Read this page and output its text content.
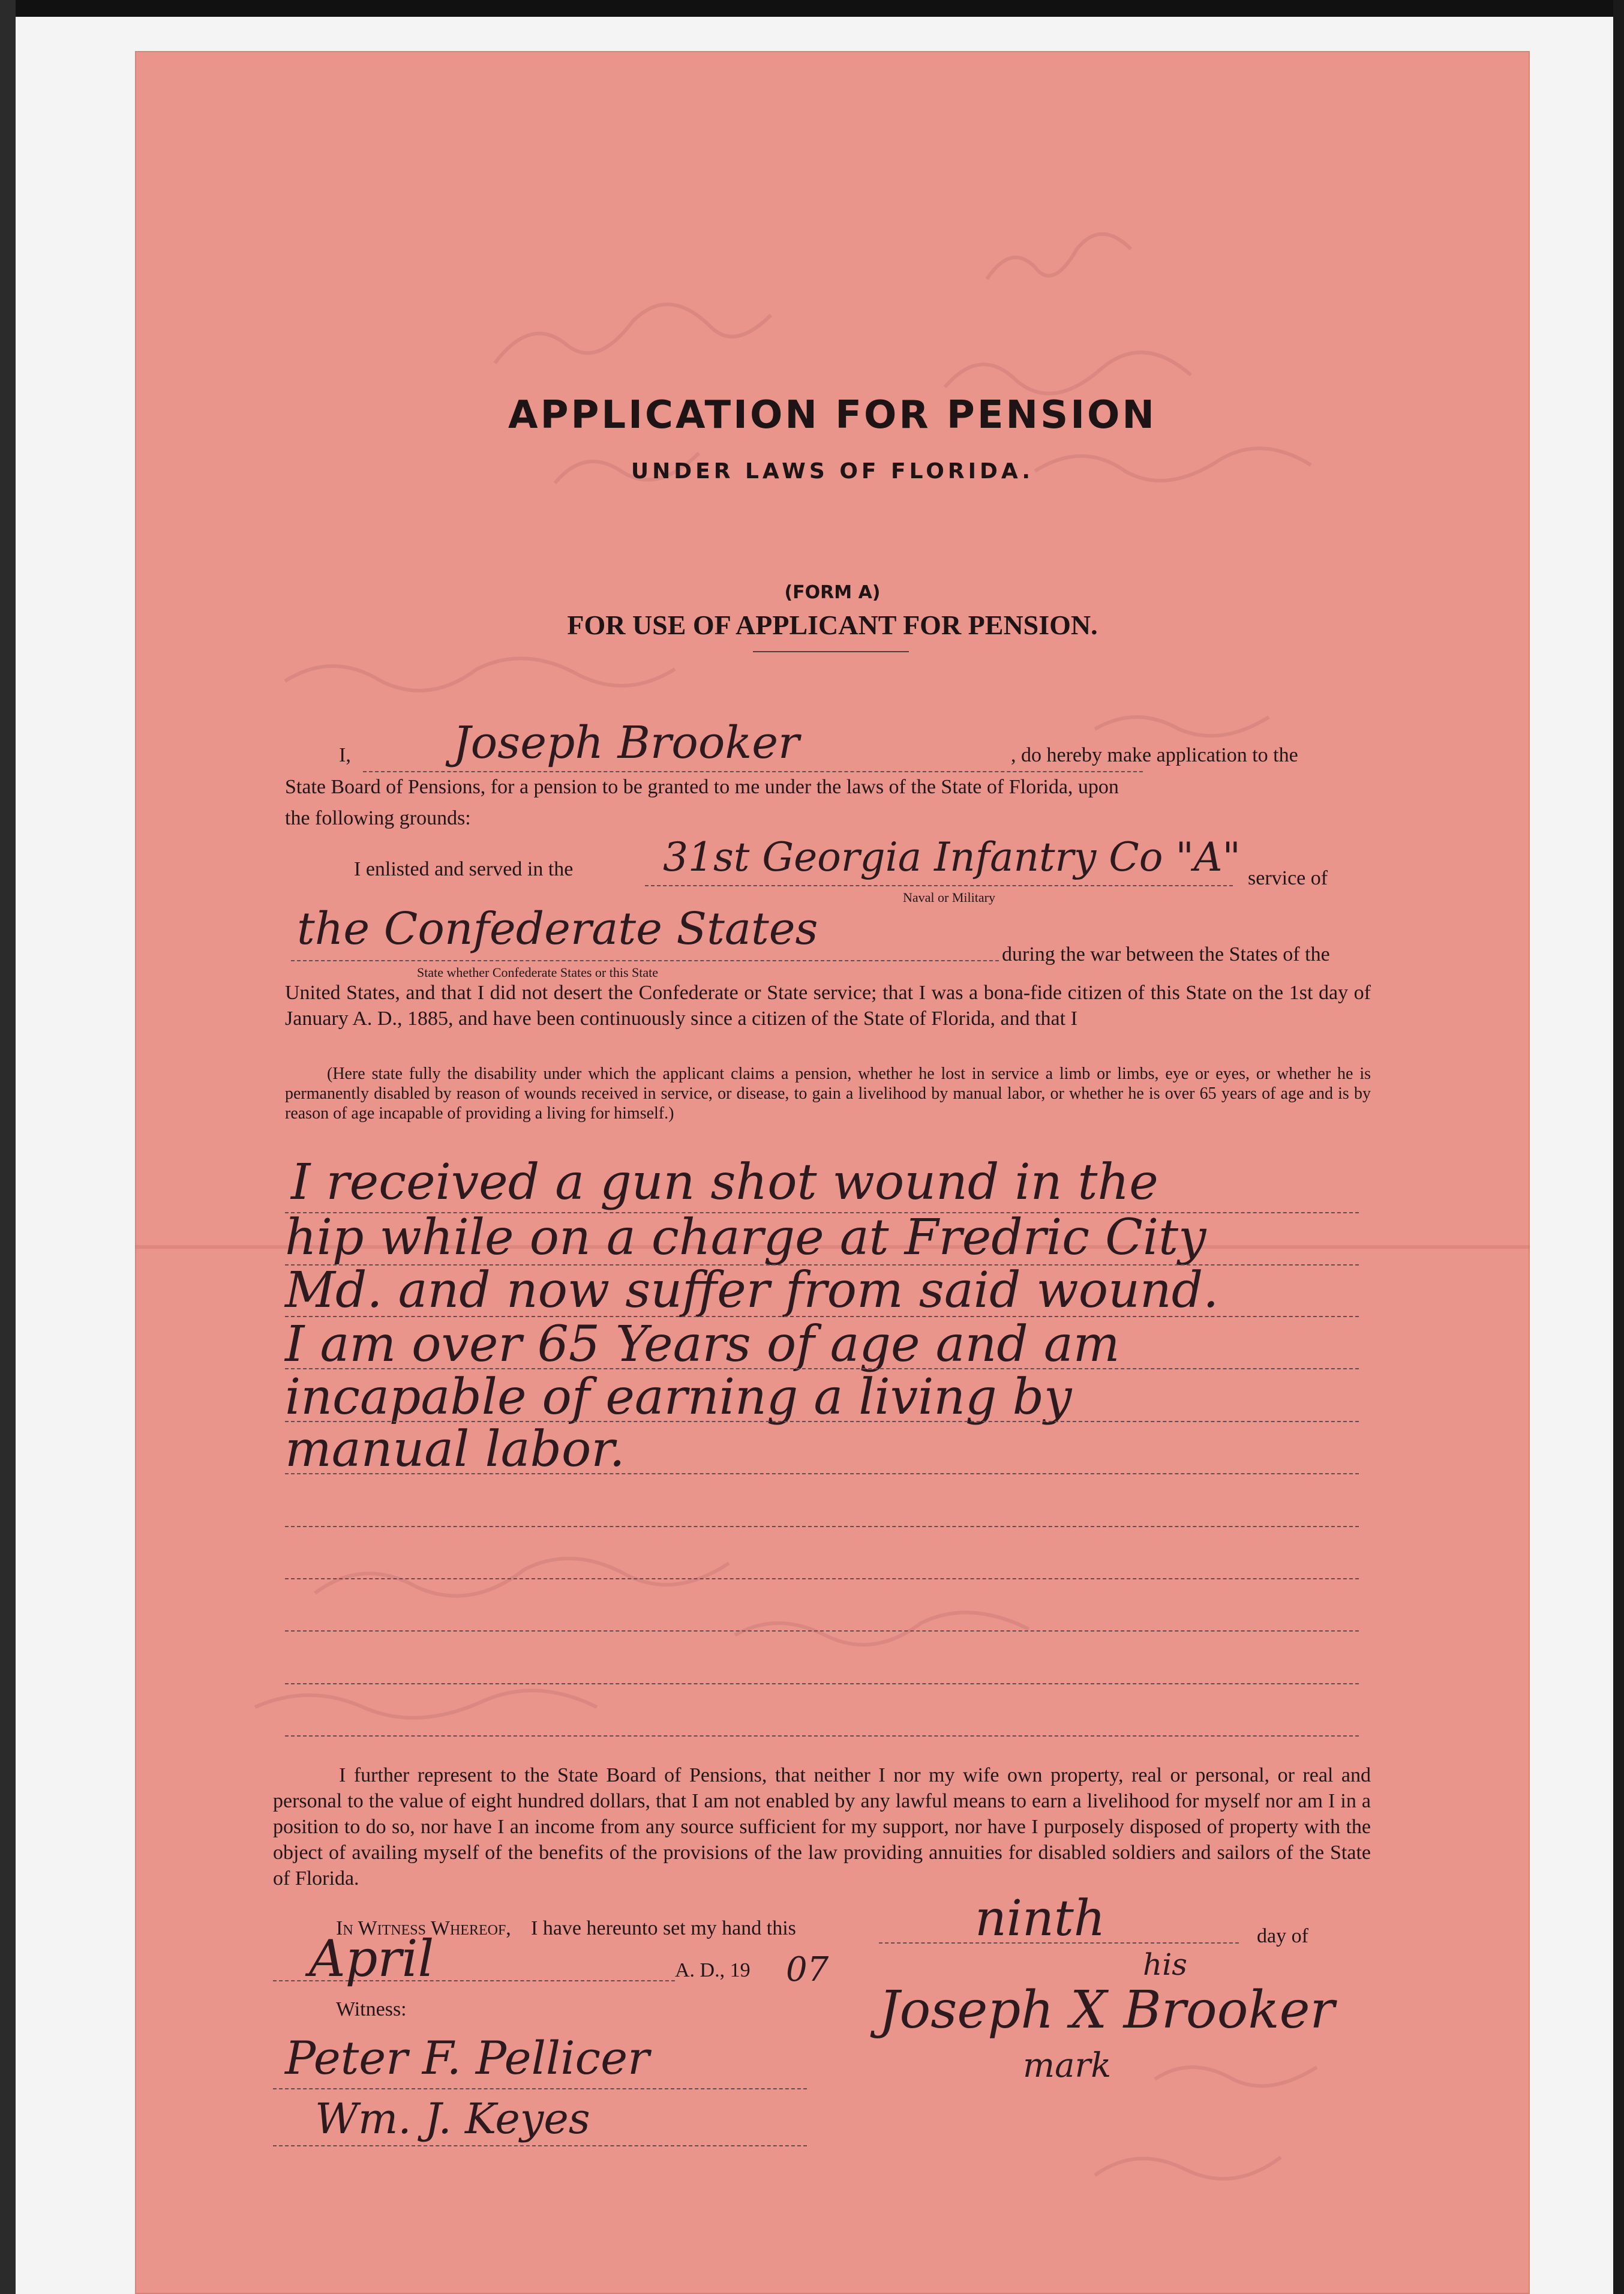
APPLICATION FOR PENSION
UNDER LAWS OF FLORIDA.
(FORM A)
FOR USE OF APPLICANT FOR PENSION.
I, Joseph Brooker	, do hereby make application to the
State Board of Pensions, for a pension to be granted to me under the laws of the State of Florida, upon
the following grounds:
I enlisted and served in the 31st Georgia Infantry Co "A"
Naval or Military
service of
the Confederate States
State whether Confederate States or this State
during the war between the States of the
United States, and that I did not desert the Confederate or State service; that I was a bona-fide citizen of this State on the 1st day of January A. D., 1885, and have been continuously since a citizen of the State of Florida, and that I
(Here state fully the disability under which the applicant claims a pension, whether he lost in service a limb or limbs, eye or eyes, or whether he is permanently disabled by reason of wounds received in service, or disease, to gain a livelihood by manual labor, or whether he is over 65 years of age and is by reason of age incapable of providing a living for himself.)
I received a gun shot wound in the
hip while on a charge at Fredric City
Md. and now suffer from said wound.
I am over 65 Years of age and am
incapable of earning a living by
manual labor.
I further represent to the State Board of Pensions, that neither I nor my wife own property, real or personal, or real and personal to the value of eight hundred dollars, that I am not enabled by any lawful means to earn a livelihood for myself nor am I in a position to do so, nor have I an income from any source sufficient for my support, nor have I purposely disposed of property with the object of availing myself of the benefits of the provisions of the law providing annuities for disabled soldiers and sailors of the State of Florida.
In Witness Whereof, I have hereunto set my hand this	ninth	day of
April	A. D., 19 07
Witness:
Peter F. Pellicer
Wm. J. Keyes
his
Joseph X Brooker
mark
